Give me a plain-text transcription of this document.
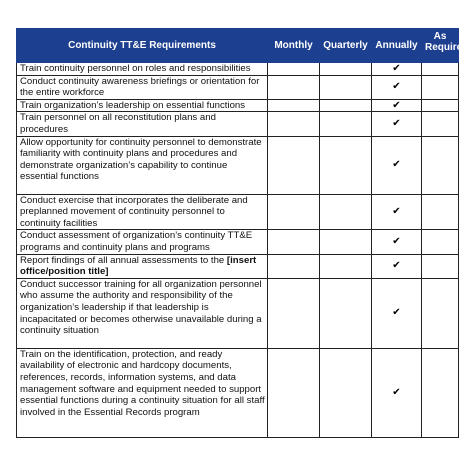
Continuity TT&E Requirements	Monthly	Quarterly	Annually	As Required
Train continuity personnel on roles and responsibilities			✔	
Conduct continuity awareness briefings or orientation for the entire workforce			✔	
Train organization’s leadership on essential functions			✔	
Train personnel on all reconstitution plans and procedures			✔	
Allow opportunity for continuity personnel to demonstrate familiarity with continuity plans and procedures and demonstrate organization’s capability to continue essential functions			✔	
Conduct exercise that incorporates the deliberate and preplanned movement of continuity personnel to continuity facilities			✔	
Conduct assessment of organization’s continuity TT&E programs and continuity plans and programs			✔	
Report findings of all annual assessments to the [insert office/position title]			✔	
Conduct successor training for all organization personnel who assume the authority and responsibility of the organization’s leadership if that leadership is incapacitated or becomes otherwise unavailable during a continuity situation			✔	
Train on the identification, protection, and ready availability of electronic and hardcopy documents, references, records, information systems, and data management software and equipment needed to support essential functions during a continuity situation for all staff involved in the Essential Records program			✔	
